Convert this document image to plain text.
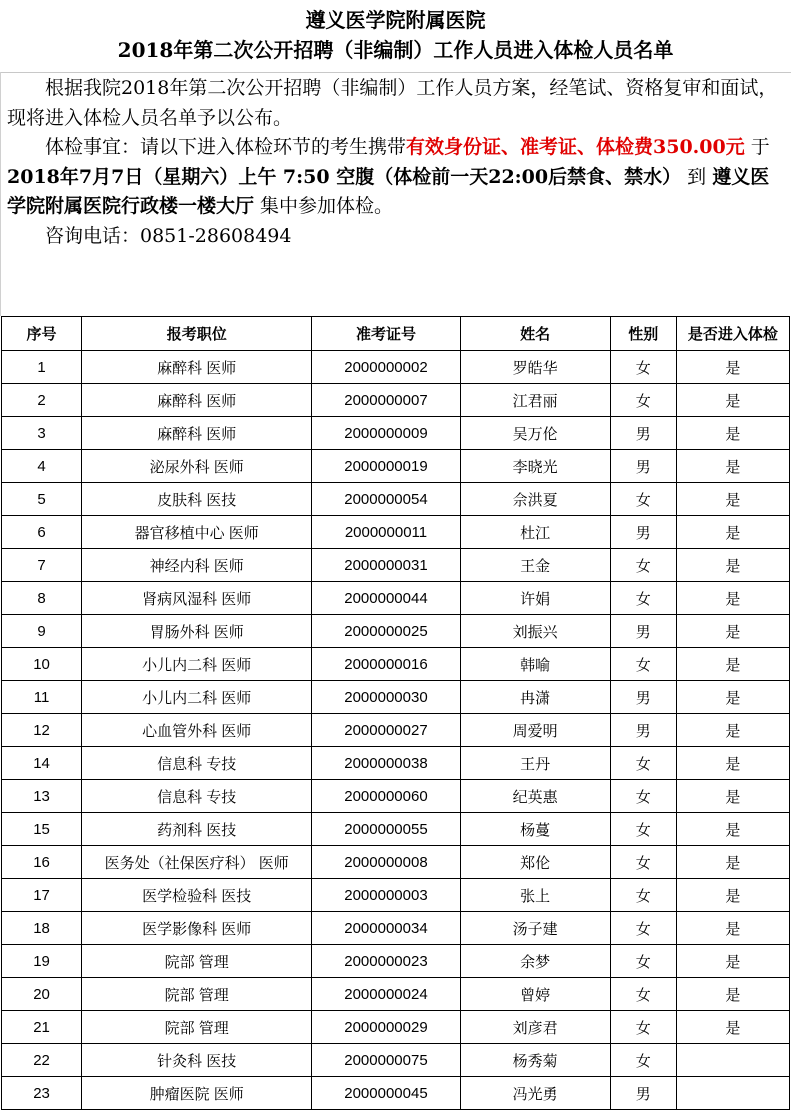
遵义医学院附属医院
2018年第二次公开招聘（非编制）工作人员进入体检人员名单

根据我院2018年第二次公开招聘（非编制）工作人员方案，经笔试、资格复审和面试，现将进入体检人员名单予以公布。

体检事宜：请以下进入体检环节的考生携带有效身份证、准考证、体检费350.00元 于 2018年7月7日（星期六）上午 7:50 空腹（体检前一天22:00后禁食、禁水） 到 遵义医学院附属医院行政楼一楼大厅 集中参加体检。

咨询电话：0851-28608494

序号	报考职位	准考证号	姓名	性别	是否进入体检
1	麻醉科 医师	2000000002	罗皓华	女	是
2	麻醉科 医师	2000000007	江君丽	女	是
3	麻醉科 医师	2000000009	吴万伦	男	是
4	泌尿外科 医师	2000000019	李晓光	男	是
5	皮肤科 医技	2000000054	佘洪夏	女	是
6	器官移植中心 医师	2000000011	杜江	男	是
7	神经内科 医师	2000000031	王金	女	是
8	肾病风湿科 医师	2000000044	许娟	女	是
9	胃肠外科 医师	2000000025	刘振兴	男	是
10	小儿内二科 医师	2000000016	韩喻	女	是
11	小儿内二科 医师	2000000030	冉潇	男	是
12	心血管外科 医师	2000000027	周爱明	男	是
14	信息科 专技	2000000038	王丹	女	是
13	信息科 专技	2000000060	纪英惠	女	是
15	药剂科 医技	2000000055	杨蔓	女	是
16	医务处（社保医疗科） 医师	2000000008	郑伦	女	是
17	医学检验科 医技	2000000003	张上	女	是
18	医学影像科 医师	2000000034	汤子建	女	是
19	院部 管理	2000000023	余梦	女	是
20	院部 管理	2000000024	曾婷	女	是
21	院部 管理	2000000029	刘彦君	女	是
22	针灸科 医技	2000000075	杨秀菊	女	
23	肿瘤医院 医师	2000000045	冯光勇	男	
